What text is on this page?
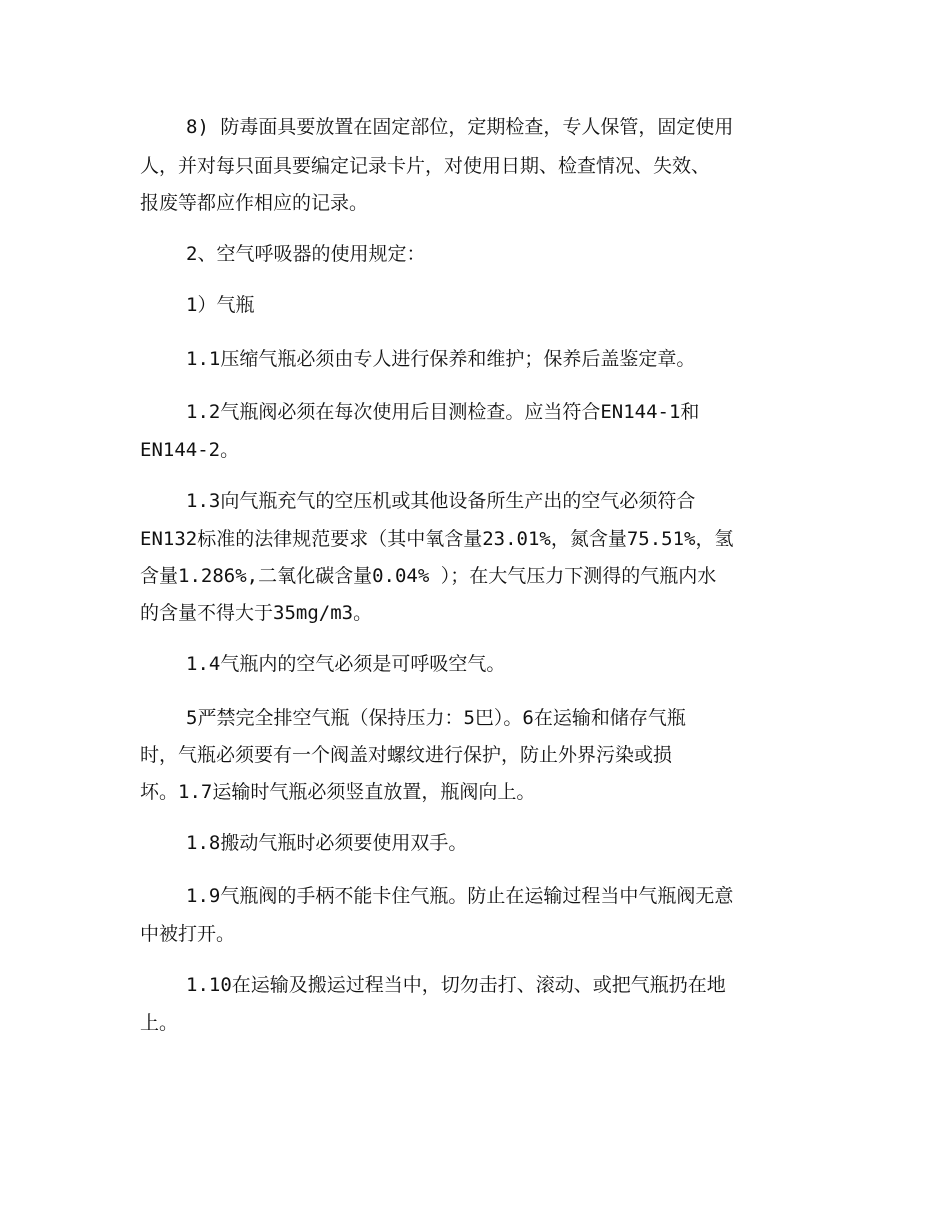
8) 防毒面具要放置在固定部位，定期检查，专人保管，固定使用
人，并对每只面具要编定记录卡片，对使用日期、检查情况、失效、
报废等都应作相应的记录。
2、空气呼吸器的使用规定：
1）气瓶
1.1压缩气瓶必须由专人进行保养和维护；保养后盖鉴定章。
1.2气瓶阀必须在每次使用后目测检查。应当符合EN144-1和
EN144-2。
1.3向气瓶充气的空压机或其他设备所生产出的空气必须符合
EN132标准的法律规范要求（其中氧含量23.01%，氮含量75.51%，氢
含量1.286%,二氧化碳含量0.04% ）；在大气压力下测得的气瓶内水
的含量不得大于35mg/m3。
1.4气瓶内的空气必须是可呼吸空气。
5严禁完全排空气瓶（保持压力：5巴）。6在运输和储存气瓶
时，气瓶必须要有一个阀盖对螺纹进行保护，防止外界污染或损
坏。1.7运输时气瓶必须竖直放置，瓶阀向上。
1.8搬动气瓶时必须要使用双手。
1.9气瓶阀的手柄不能卡住气瓶。防止在运输过程当中气瓶阀无意
中被打开。
1.10在运输及搬运过程当中，切勿击打、滚动、或把气瓶扔在地
上。
